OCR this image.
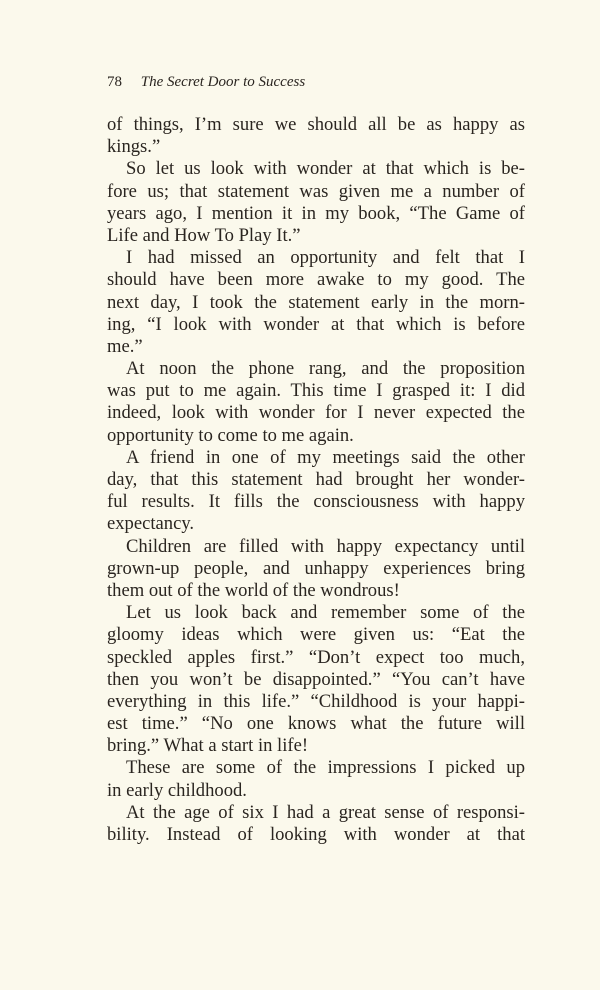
78 The Secret Door to Success
of things, I’m sure we should all be as happy as
kings.”
So let us look with wonder at that which is be-
fore us; that statement was given me a number of
years ago, I mention it in my book, “The Game of
Life and How To Play It.”
I had missed an opportunity and felt that I
should have been more awake to my good. The
next day, I took the statement early in the morn-
ing, “I look with wonder at that which is before
me.”
At noon the phone rang, and the proposition
was put to me again. This time I grasped it: I did
indeed, look with wonder for I never expected the
opportunity to come to me again.
A friend in one of my meetings said the other
day, that this statement had brought her wonder-
ful results. It fills the consciousness with happy
expectancy.
Children are filled with happy expectancy until
grown-up people, and unhappy experiences bring
them out of the world of the wondrous!
Let us look back and remember some of the
gloomy ideas which were given us: “Eat the
speckled apples first.” “Don’t expect too much,
then you won’t be disappointed.” “You can’t have
everything in this life.” “Childhood is your happi-
est time.” “No one knows what the future will
bring.” What a start in life!
These are some of the impressions I picked up
in early childhood.
At the age of six I had a great sense of responsi-
bility. Instead of looking with wonder at that
